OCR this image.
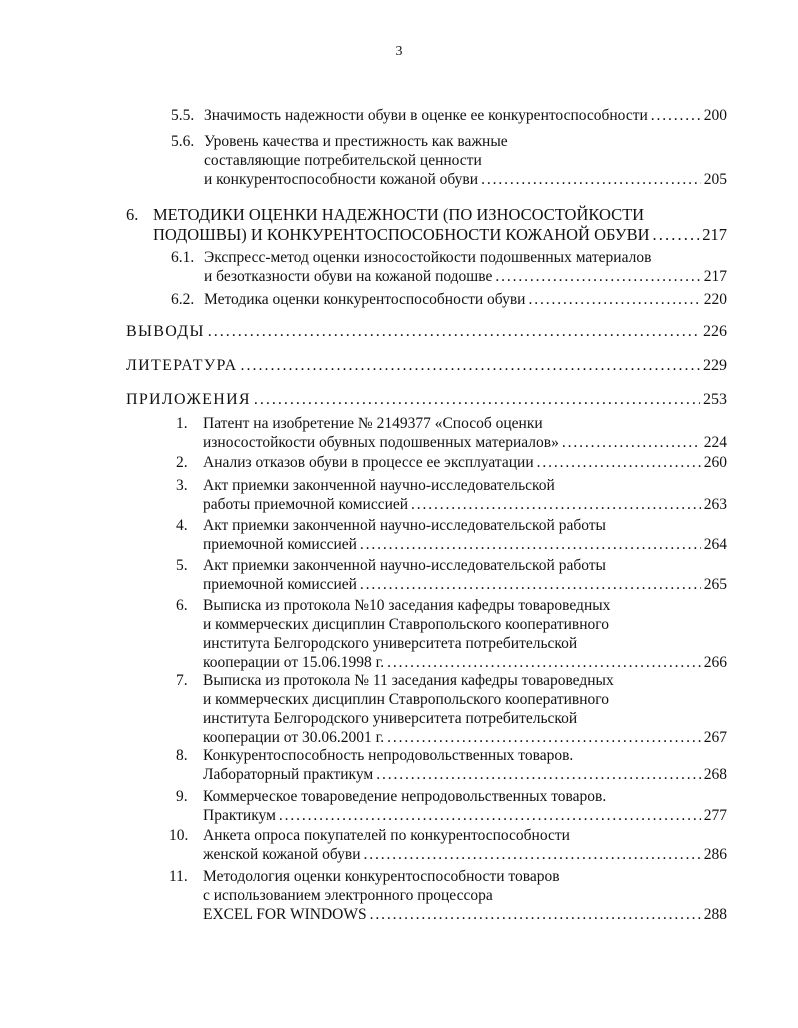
3
5.5. Значимость надежности обуви в оценке ее конкурентоспособности . . .	200
5.6. Уровень качества и престижность как важные
составляющие потребительской ценности
и конкурентоспособности кожаной обуви . . .	205
6. МЕТОДИКИ ОЦЕНКИ НАДЕЖНОСТИ (ПО ИЗНОСОСТОЙКОСТИ
ПОДОШВЫ) И КОНКУРЕНТОСПОСОБНОСТИ КОЖАНОЙ ОБУВИ . . .	217
6.1. Экспресс-метод оценки износостойкости подошвенных материалов
и безотказности обуви на кожаной подошве . . .	217
6.2. Методика оценки конкурентоспособности обуви . . .	220
ВЫВОДЫ . . .	226
ЛИТЕРАТУРА . . .	229
ПРИЛОЖЕНИЯ . . .	253
1. Патент на изобретение № 2149377 «Способ оценки
износостойкости обувных подошвенных материалов» . . .	224
2. Анализ отказов обуви в процессе ее эксплуатации . . .	260
3. Акт приемки законченной научно-исследовательской
работы приемочной комиссией . . .	263
4. Акт приемки законченной научно-исследовательской работы
приемочной комиссией . . .	264
5. Акт приемки законченной научно-исследовательской работы
приемочной комиссией . . .	265
6. Выписка из протокола №10 заседания кафедры товароведных
и коммерческих дисциплин Ставропольского кооперативного
института Белгородского университета потребительской
кооперации от 15.06.1998 г. . . .	266
7. Выписка из протокола № 11 заседания кафедры товароведных
и коммерческих дисциплин Ставропольского кооперативного
института Белгородского университета потребительской
кооперации от 30.06.2001 г. . . .	267
8. Конкурентоспособность непродовольственных товаров.
Лабораторный практикум . . .	268
9. Коммерческое товароведение непродовольственных товаров.
Практикум . . .	277
10. Анкета опроса покупателей по конкурентоспособности
женской кожаной обуви . . .	286
11. Методология оценки конкурентоспособности товаров
с использованием электронного процессора
EXCEL FOR WINDOWS . . .	288
